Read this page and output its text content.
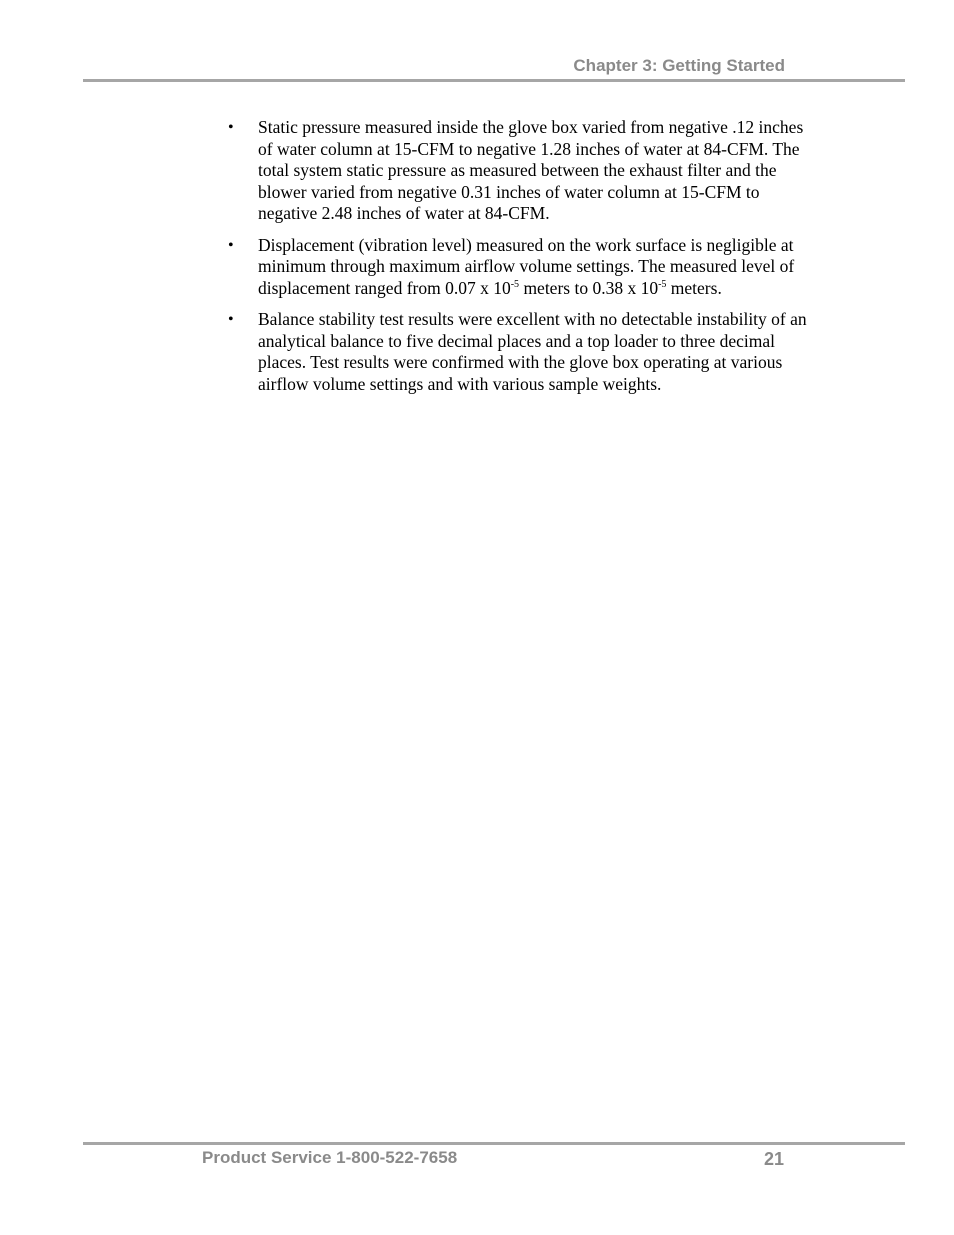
Chapter 3: Getting Started
• Static pressure measured inside the glove box varied from negative .12 inches of water column at 15-CFM to negative 1.28 inches of water at 84-CFM. The total system static pressure as measured between the exhaust filter and the blower varied from negative 0.31 inches of water column at 15-CFM to negative 2.48 inches of water at 84-CFM.
• Displacement (vibration level) measured on the work surface is negligible at minimum through maximum airflow volume settings. The measured level of displacement ranged from 0.07 x $10^{-5}$ meters to 0.38 x $10^{-5}$ meters.
• Balance stability test results were excellent with no detectable instability of an analytical balance to five decimal places and a top loader to three decimal places. Test results were confirmed with the glove box operating at various airflow volume settings and with various sample weights.
Product Service 1-800-522-7658	21
